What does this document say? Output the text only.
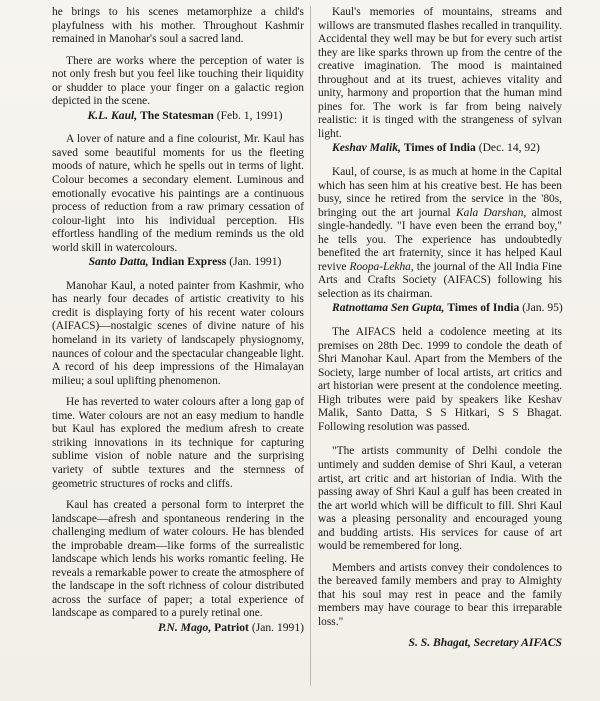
he brings to his scenes metamorphize a child's playfulness with his mother. Throughout Kashmir remained in Manohar's soul a sacred land.

There are works where the perception of water is not only fresh but you feel like touching their liquidity or shudder to place your finger on a galactic region depicted in the scene.

K.L. Kaul, The Statesman (Feb. 1, 1991)

A lover of nature and a fine colourist, Mr. Kaul has saved some beautiful moments for us the fleeting moods of nature, which he spells out in terms of light. Colour becomes a secondary element. Luminous and emotionally evocative his paintings are a continuous process of reduction from a raw primary cessation of colour-light into his individual perception. His effortless handling of the medium reminds us the old world skill in watercolours.

Santo Datta, Indian Express (Jan. 1991)

Manohar Kaul, a noted painter from Kashmir, who has nearly four decades of artistic creativity to his credit is displaying forty of his recent water colours (AIFACS)—nostalgic scenes of divine nature of his homeland in its variety of landscapely physiognomy, naunces of colour and the spectacular changeable light. A record of his deep impressions of the Himalayan milieu; a soul uplifting phenomenon.

He has reverted to water colours after a long gap of time. Water colours are not an easy medium to handle but Kaul has explored the medium afresh to create striking innovations in its technique for capturing sublime vision of noble nature and the surprising variety of subtle textures and the sternness of geometric structures of rocks and cliffs.

Kaul has created a personal form to interpret the landscape—afresh and spontaneous rendering in the challenging medium of water colours. He has blended the improbable dream—like forms of the surrealistic landscape which lends his works romantic feeling. He reveals a remarkable power to create the atmosphere of the landscape in the soft richness of colour distributed across the surface of paper; a total experience of landscape as compared to a purely retinal one.

P.N. Mago, Patriot (Jan. 1991)

Kaul's memories of mountains, streams and willows are transmuted flashes recalled in tranquility. Accidental they well may be but for every such artist they are like sparks thrown up from the centre of the creative imagination. The mood is maintained throughout and at its truest, achieves vitality and unity, harmony and proportion that the human mind pines for. The work is far from being naively realistic: it is tinged with the strangeness of sylvan light.

Keshav Malik, Times of India (Dec. 14, 92)

Kaul, of course, is as much at home in the Capital which has seen him at his creative best. He has been busy, since he retired from the service in the '80s, bringing out the art journal Kala Darshan, almost single-handedly. "I have even been the errand boy," he tells you. The experience has undoubtedly benefited the art fraternity, since it has helped Kaul revive Roopa-Lekha, the journal of the All India Fine Arts and Crafts Society (AIFACS) following his selection as its chairman.

Ratnottama Sen Gupta, Times of India (Jan. 95)

The AIFACS held a codolence meeting at its premises on 28th Dec. 1999 to condole the death of Shri Manohar Kaul. Apart from the Members of the Society, large number of local artists, art critics and art historian were present at the condolence meeting. High tributes were paid by speakers like Keshav Malik, Santo Datta, S S Hitkari, S S Bhagat. Following resolution was passed.

"The artists community of Delhi condole the untimely and sudden demise of Shri Kaul, a veteran artist, art critic and art historian of India. With the passing away of Shri Kaul a gulf has been created in the art world which will be difficult to fill. Shri Kaul was a pleasing personality and encouraged young and budding artists. His services for cause of art would be remembered for long.

Members and artists convey their condolences to the bereaved family members and pray to Almighty that his soul may rest in peace and the family members may have courage to bear this irreparable loss."

S. S. Bhagat, Secretary AIFACS
